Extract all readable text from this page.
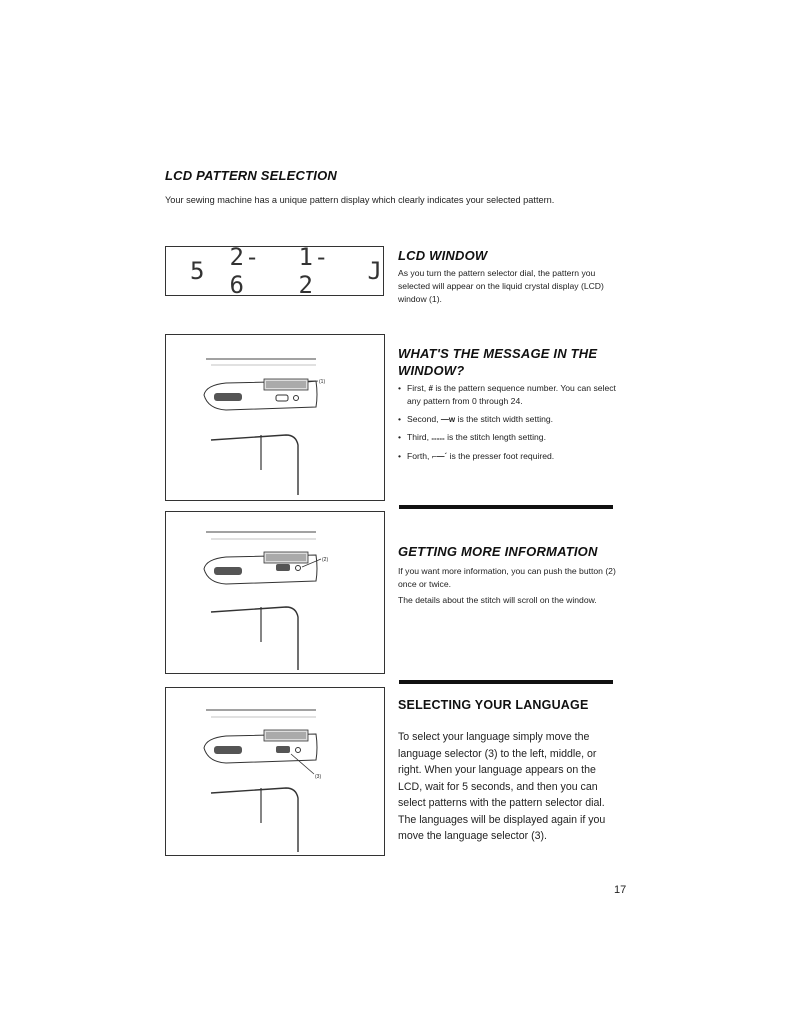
LCD PATTERN SELECTION
Your sewing machine has a unique pattern display which clearly indicates your selected pattern.
5 2-6
1-2	J
LCD WINDOW
As you turn the pattern selector dial, the pattern you selected will appear on the liquid crystal display (LCD) window (1).
(1)
WHAT'S THE MESSAGE IN THE WINDOW?
• First, # is the pattern sequence number. You can select any pattern from 0 through 24.
• Second, —w is the stitch width setting.
• Third, ----- is the stitch length setting.
• Forth, ⌐—´ is the presser foot required.
(2)
GETTING MORE INFORMATION
If you want more information, you can push the button (2) once or twice.
The details about the stitch will scroll on the window.
(3)
SELECTING YOUR LANGUAGE
To select your language simply move the language selector (3) to the left, middle, or right. When your language appears on the LCD, wait for 5 seconds, and then you can select patterns with the pattern selector dial. The languages will be displayed again if you move the language selector (3).
17
